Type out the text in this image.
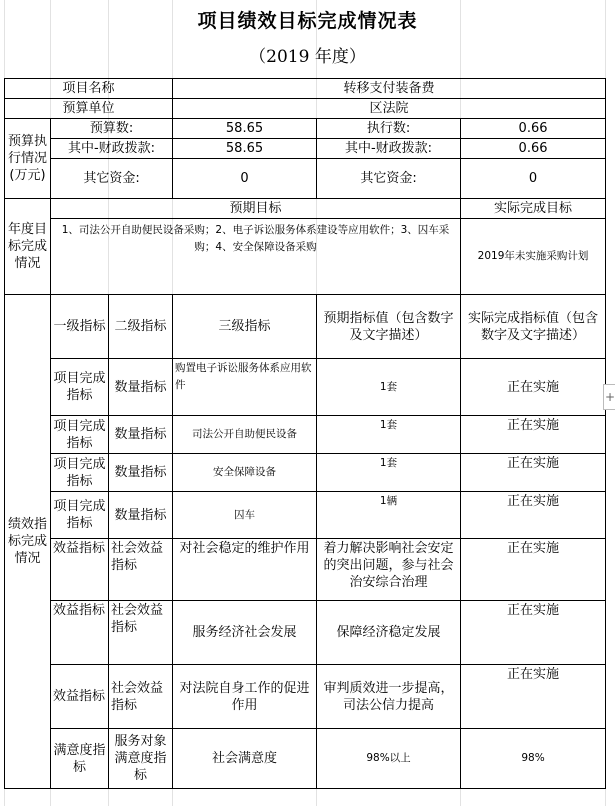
项目绩效目标完成情况表
（2019 年度）
项目名称			转移支付装备费		
预算单位			区法院		
预算执行情况(万元)	预算数:		58.65	执行数:	0.66
	其中-财政拨款:		58.65	其中-财政拨款:	0.66
	其它资金:		0	其它资金:	0
年度目标完成情况	预期目标				实际完成目标
	1、司法公开自助便民设备采购；2、电子诉讼服务体系建设等应用软件；3、囚车采购；4、安全保障设备采购				2019年未实施采购计划
绩效指标完成情况	一级指标	二级指标	三级指标	预期指标值（包含数字及文字描述）	实际完成指标值（包含数字及文字描述）
	项目完成指标	数量指标	购置电子诉讼服务体系应用软件	1套	正在实施
	项目完成指标	数量指标	司法公开自助便民设备	1套	正在实施
	项目完成指标	数量指标	安全保障设备	1套	正在实施
	项目完成指标	数量指标	囚车	1辆	正在实施
	效益指标	社会效益指标	对社会稳定的维护作用	着力解决影响社会安定的突出问题，参与社会治安综合治理	正在实施
	效益指标	社会效益指标	服务经济社会发展	保障经济稳定发展	正在实施
	效益指标	社会效益指标	对法院自身工作的促进作用	审判质效进一步提高，司法公信力提高	正在实施
	满意度指标	服务对象满意度指标	社会满意度	98%以上	98%
+
